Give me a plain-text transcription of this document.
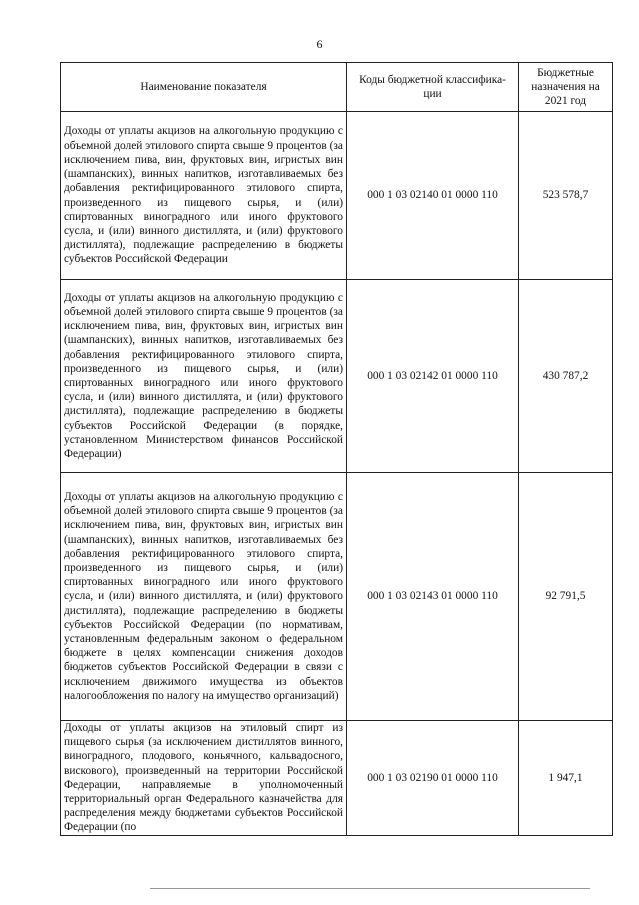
6
Наименование показателя	Коды бюджетной классифика-ции	Бюджетные назначения на 2021 год
Доходы от уплаты акцизов на алкогольную продукцию с объемной долей этилового спирта свыше 9 процентов (за исключением пива, вин, фруктовых вин, игристых вин (шампанских), винных напитков, изготавливаемых без добавления ректифицированного этилового спирта, произведенного из пищевого сырья, и (или) спиртованных виноградного или иного фруктового сусла, и (или) винного дистиллята, и (или) фруктового дистиллята), подлежащие распределению в бюджеты субъектов Российской Федерации	000 1 03 02140 01 0000 110	523 578,7
Доходы от уплаты акцизов на алкогольную продукцию с объемной долей этилового спирта свыше 9 процентов (за исключением пива, вин, фруктовых вин, игристых вин (шампанских), винных напитков, изготавливаемых без добавления ректифицированного этилового спирта, произведенного из пищевого сырья, и (или) спиртованных виноградного или иного фруктового сусла, и (или) винного дистиллята, и (или) фруктового дистиллята), подлежащие распределению в бюджеты субъектов Российской Федерации (в порядке, установленном Министерством финансов Российской Федерации)	000 1 03 02142 01 0000 110	430 787,2
Доходы от уплаты акцизов на алкогольную продукцию с объемной долей этилового спирта свыше 9 процентов (за исключением пива, вин, фруктовых вин, игристых вин (шампанских), винных напитков, изготавливаемых без добавления ректифицированного этилового спирта, произведенного из пищевого сырья, и (или) спиртованных виноградного или иного фруктового сусла, и (или) винного дистиллята, и (или) фруктового дистиллята), подлежащие распределению в бюджеты субъектов Российской Федерации (по нормативам, установленным федеральным законом о федеральном бюджете в целях компенсации снижения доходов бюджетов субъектов Российской Федерации в связи с исключением движимого имущества из объектов налогообложения по налогу на имущество организаций)	000 1 03 02143 01 0000 110	92 791,5
Доходы от уплаты акцизов на этиловый спирт из пищевого сырья (за исключением дистиллятов винного, виноградного, плодового, коньячного, кальвадосного, вискового), произведенный на территории Российской Федерации, направляемые в уполномоченный территориальный орган Федерального казначейства для распределения между бюджетами субъектов Российской Федерации (по	000 1 03 02190 01 0000 110	1 947,1
